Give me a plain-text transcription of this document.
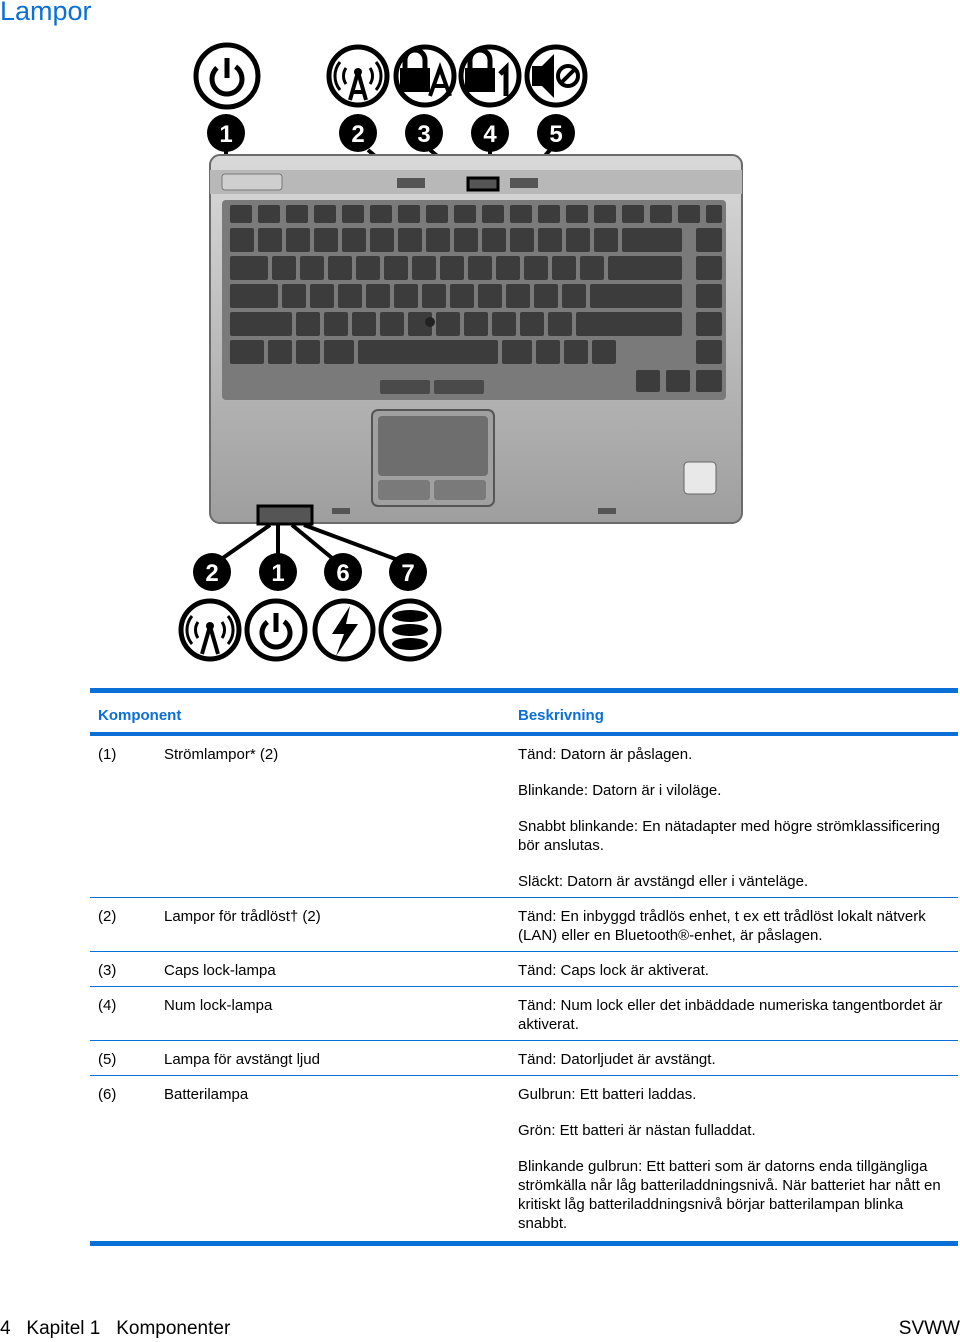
Lampor
1	2 3 4 5
2 1 6 7
Komponent		Beskrivning
(1)	Strömlampor* (2)	Tänd: Datorn är påslagen.
		Blinkande: Datorn är i viloläge.
		Snabbt blinkande: En nätadapter med högre strömklassificering bör anslutas.
		Släckt: Datorn är avstängd eller i vänteläge.
(2)	Lampor för trådlöst† (2)	Tänd: En inbyggd trådlös enhet, t ex ett trådlöst lokalt nätverk (LAN) eller en Bluetooth®-enhet, är påslagen.
(3)	Caps lock-lampa	Tänd: Caps lock är aktiverat.
(4)	Num lock-lampa	Tänd: Num lock eller det inbäddade numeriska tangentbordet är aktiverat.
(5)	Lampa för avstängt ljud	Tänd: Datorljudet är avstängt.
(6)	Batterilampa	Gulbrun: Ett batteri laddas.
		Grön: Ett batteri är nästan fulladdat.
		Blinkande gulbrun: Ett batteri som är datorns enda tillgängliga strömkälla når låg batteriladdningsnivå. När batteriet har nått en kritiskt låg batteriladdningsnivå börjar batterilampan blinka snabbt.
4 Kapitel 1   Komponenter	SVWW
